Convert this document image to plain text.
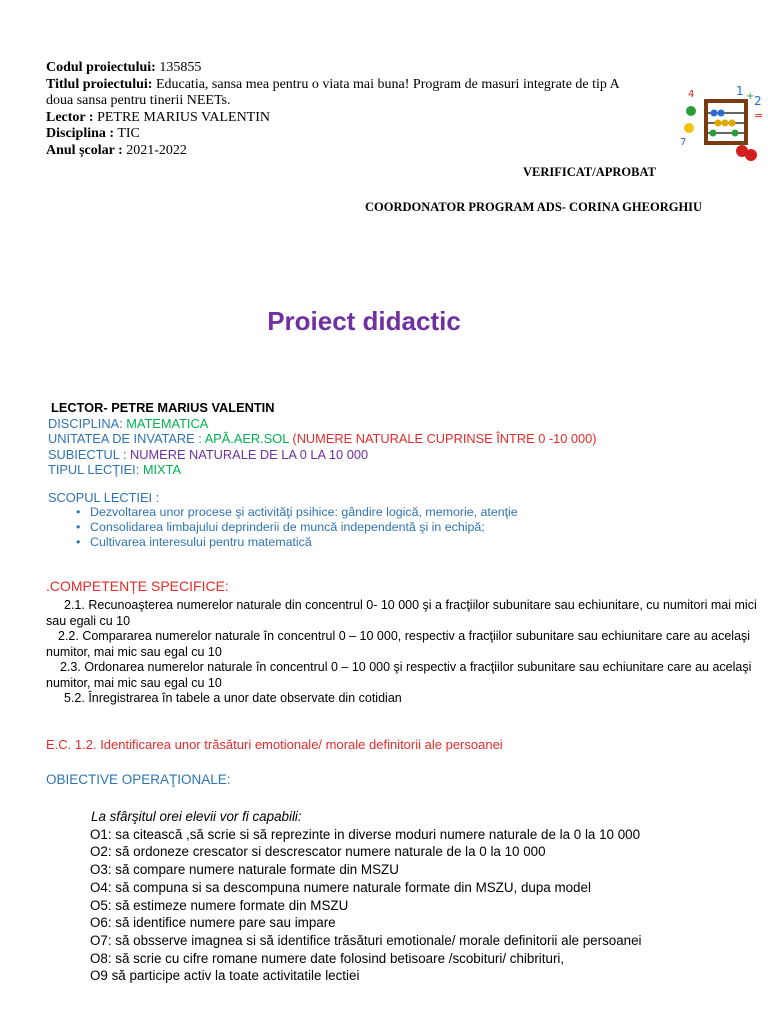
Codul proiectului: 135855

Titlul proiectului: Educatia, sansa mea pentru o viata mai buna! Program de masuri integrate de tip A

doua sansa pentru tinerii NEETs.

Lector : PETRE MARIUS VALENTIN

Disciplina : TIC

Anul școlar : 2021-2022

1 + 2
=
7
4
VERIFICAT/APROBAT
COORDONATOR PROGRAM ADS- CORINA GHEORGHIU
Proiect didactic
LECTOR- PETRE MARIUS VALENTIN
DISCIPLINA: MATEMATICA
UNITATEA DE INVATARE : APĂ.AER.SOL (NUMERE NATURALE CUPRINSE ÎNTRE 0 -10 000)
SUBIECTUL : NUMERE NATURALE DE LA 0 LA 10 000
TIPUL LECŢIEI: MIXTA
SCOPUL LECTIEI :
• Dezvoltarea unor procese şi activităţi psihice: gândire logică, memorie, atenţie
• Consolidarea limbajului deprinderii de muncă independentă şi in echipă;
• Cultivarea interesului pentru matematică
.COMPETENȚE SPECIFICE:

2.1. Recunoaşterea numerelor naturale din concentrul 0- 10 000 şi a fracţiilor subunitare sau echiunitare, cu numitori mai mici sau egali cu 10

2.2. Compararea numerelor naturale în concentrul 0 – 10 000, respectiv a fracţiilor subunitare sau echiunitare care au acelaşi numitor, mai mic sau egal cu 10

2.3. Ordonarea numerelor naturale în concentrul 0 – 10 000 şi respectiv a fracţiilor subunitare sau echiunitare care au acelaşi numitor, mai mic sau egal cu 10

5.2. Înregistrarea în tabele a unor date observate din cotidian

E.C. 1.2. Identificarea unor trăsături emotionale/ morale definitorii ale persoanei
OBIECTIVE OPERAŢIONALE:

La sfârşitul orei elevii vor fi capabili:

O1: sa citească ,să scrie si să reprezinte in diverse moduri numere naturale de la 0 la 10 000

O2: să ordoneze crescator si descrescator numere naturale de la 0 la 10 000

O3: să compare numere naturale formate din MSZU

O4: să compuna si sa descompuna numere naturale formate din MSZU, dupa model

O5: să estimeze numere formate din MSZU

O6: să identifice numere pare sau impare

O7: să obsserve imagnea si să identifice trăsături emotionale/ morale definitorii ale persoanei

O8: să scrie cu cifre romane numere date folosind betisoare /scobituri/ chibrituri,

O9 să participe activ la toate activitatile lectiei
